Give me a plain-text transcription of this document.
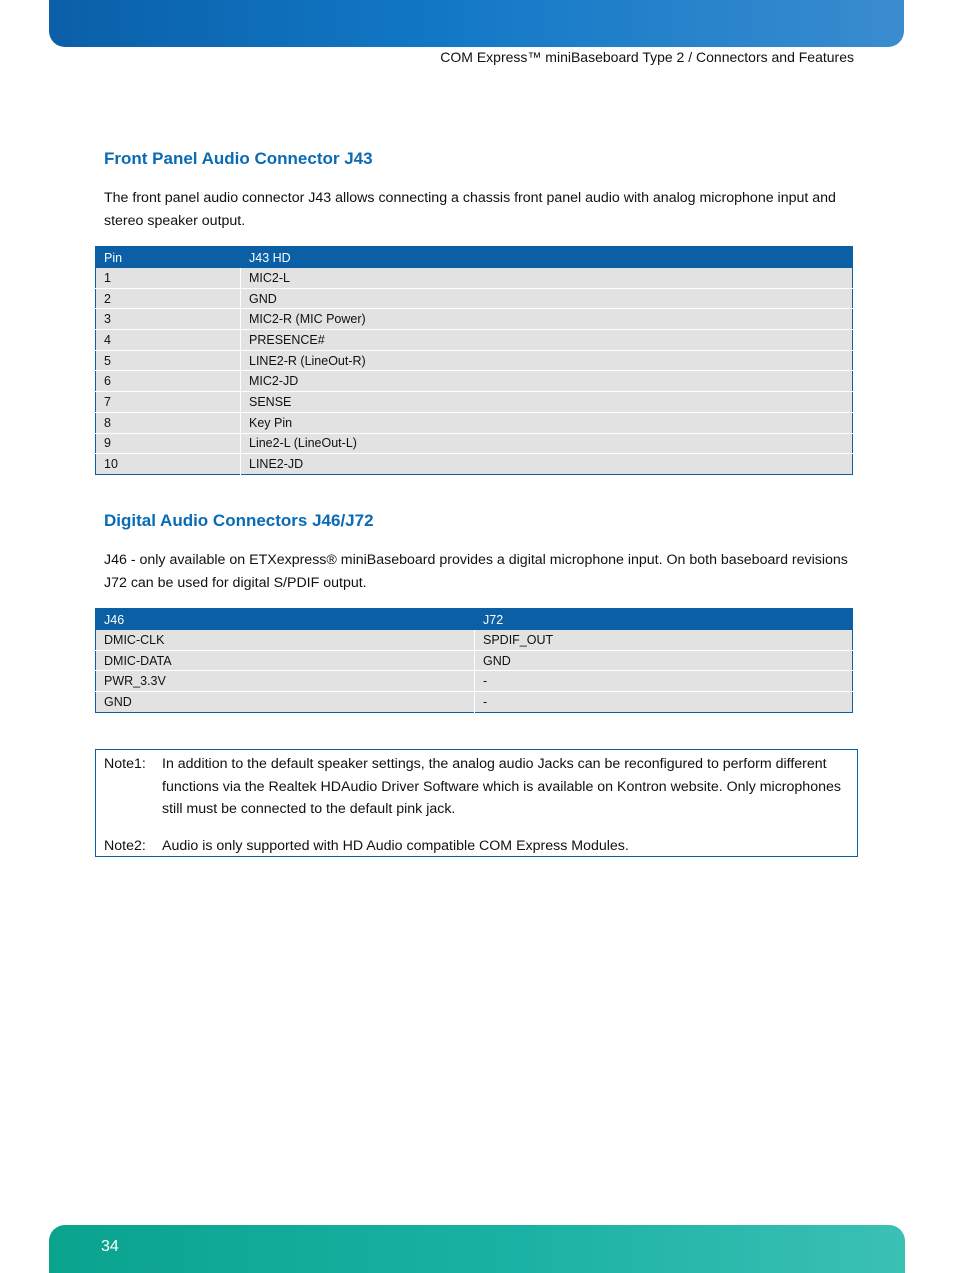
COM Express™ miniBaseboard Type 2 / Connectors and Features
Front Panel Audio Connector J43

The front panel audio connector J43 allows connecting a chassis front panel audio with analog microphone input and stereo speaker output.

Pin	J43 HD
1	MIC2-L
2	GND
3	MIC2-R (MIC Power)
4	PRESENCE#
5	LINE2-R (LineOut-R)
6	MIC2-JD
7	SENSE
8	Key Pin
9	Line2-L (LineOut-L)
10	LINE2-JD
Digital Audio Connectors J46/J72

J46 - only available on ETXexpress® miniBaseboard provides a digital microphone input. On both baseboard revisions J72 can be used for digital S/PDIF output.

J46	J72
DMIC-CLK	SPDIF_OUT
DMIC-DATA	GND
PWR_3.3V	-
GND	-
Note1: In addition to the default speaker settings, the analog audio Jacks can be reconfigured to perform different functions via the Realtek HDAudio Driver Software which is available on Kontron website. Only microphones still must be connected to the default pink jack.
Note2: Audio is only supported with HD Audio compatible COM Express Modules.
34
